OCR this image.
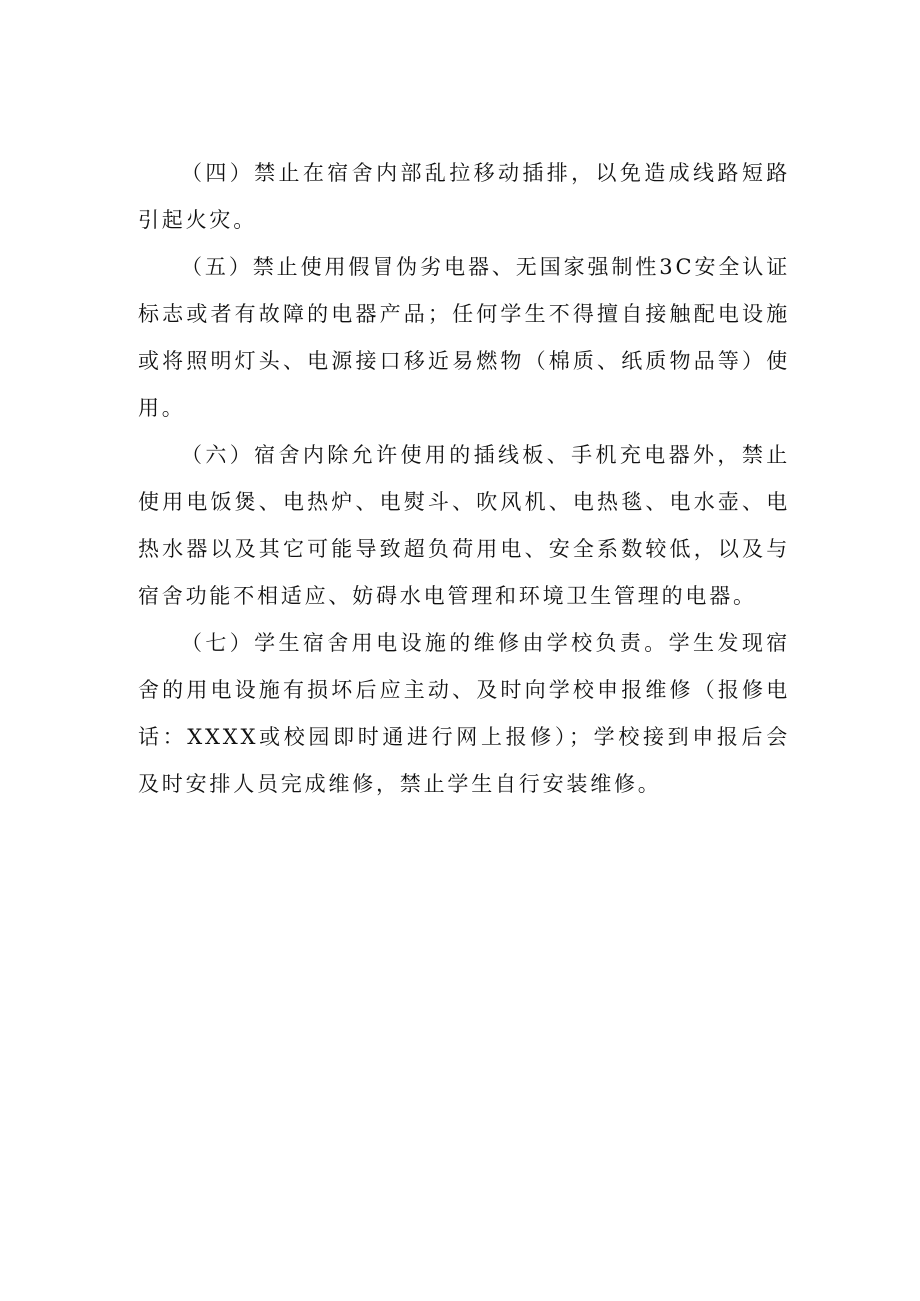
（四）禁止在宿舍内部乱拉移动插排，以免造成线路短路引起火灾。

（五）禁止使用假冒伪劣电器、无国家强制性3C安全认证标志或者有故障的电器产品；任何学生不得擅自接触配电设施或将照明灯头、电源接口移近易燃物（棉质、纸质物品等）使用。

（六）宿舍内除允许使用的插线板、手机充电器外，禁止使用电饭煲、电热炉、电熨斗、吹风机、电热毯、电水壶、电热水器以及其它可能导致超负荷用电、安全系数较低，以及与宿舍功能不相适应、妨碍水电管理和环境卫生管理的电器。

（七）学生宿舍用电设施的维修由学校负责。学生发现宿舍的用电设施有损坏后应主动、及时向学校申报维修（报修电话：XXXX或校园即时通进行网上报修）；学校接到申报后会及时安排人员完成维修，禁止学生自行安装维修。
